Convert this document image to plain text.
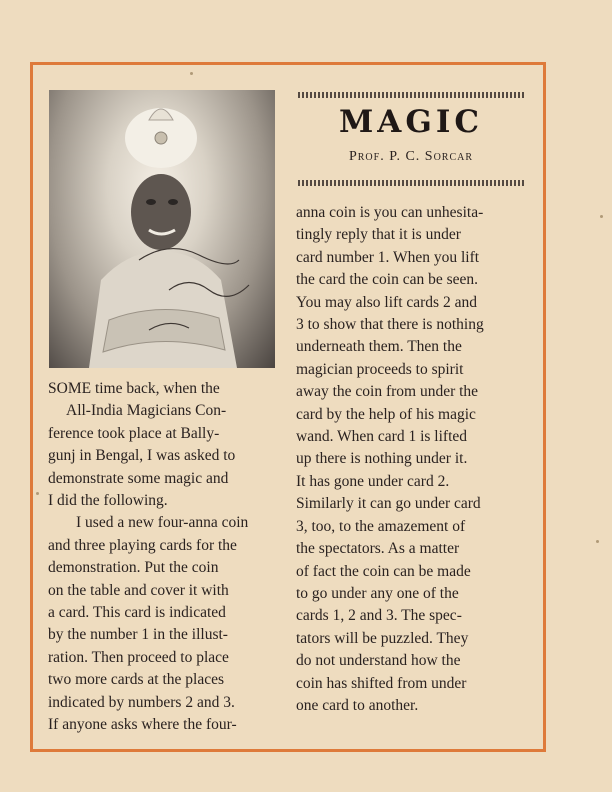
MAGIC
Prof. P. C. Sorcar

SOME time back, when the
All-India Magicians Con-
ference took place at Bally-
gunj in Bengal, I was asked to
demonstrate some magic and
I did the following.

I used a new four-anna coin
and three playing cards for the
demonstration. Put the coin
on the table and cover it with
a card. This card is indicated
by the number 1 in the illust-
ration. Then proceed to place
two more cards at the places
indicated by numbers 2 and 3.
If anyone asks where the four-

anna coin is you can unhesita-
tingly reply that it is under
card number 1. When you lift
the card the coin can be seen.
You may also lift cards 2 and
3 to show that there is nothing
underneath them. Then the
magician proceeds to spirit
away the coin from under the
card by the help of his magic
wand. When card 1 is lifted
up there is nothing under it.
It has gone under card 2.
Similarly it can go under card
3, too, to the amazement of
the spectators. As a matter
of fact the coin can be made
to go under any one of the
cards 1, 2 and 3. The spec-
tators will be puzzled. They
do not understand how the
coin has shifted from under
one card to another.
